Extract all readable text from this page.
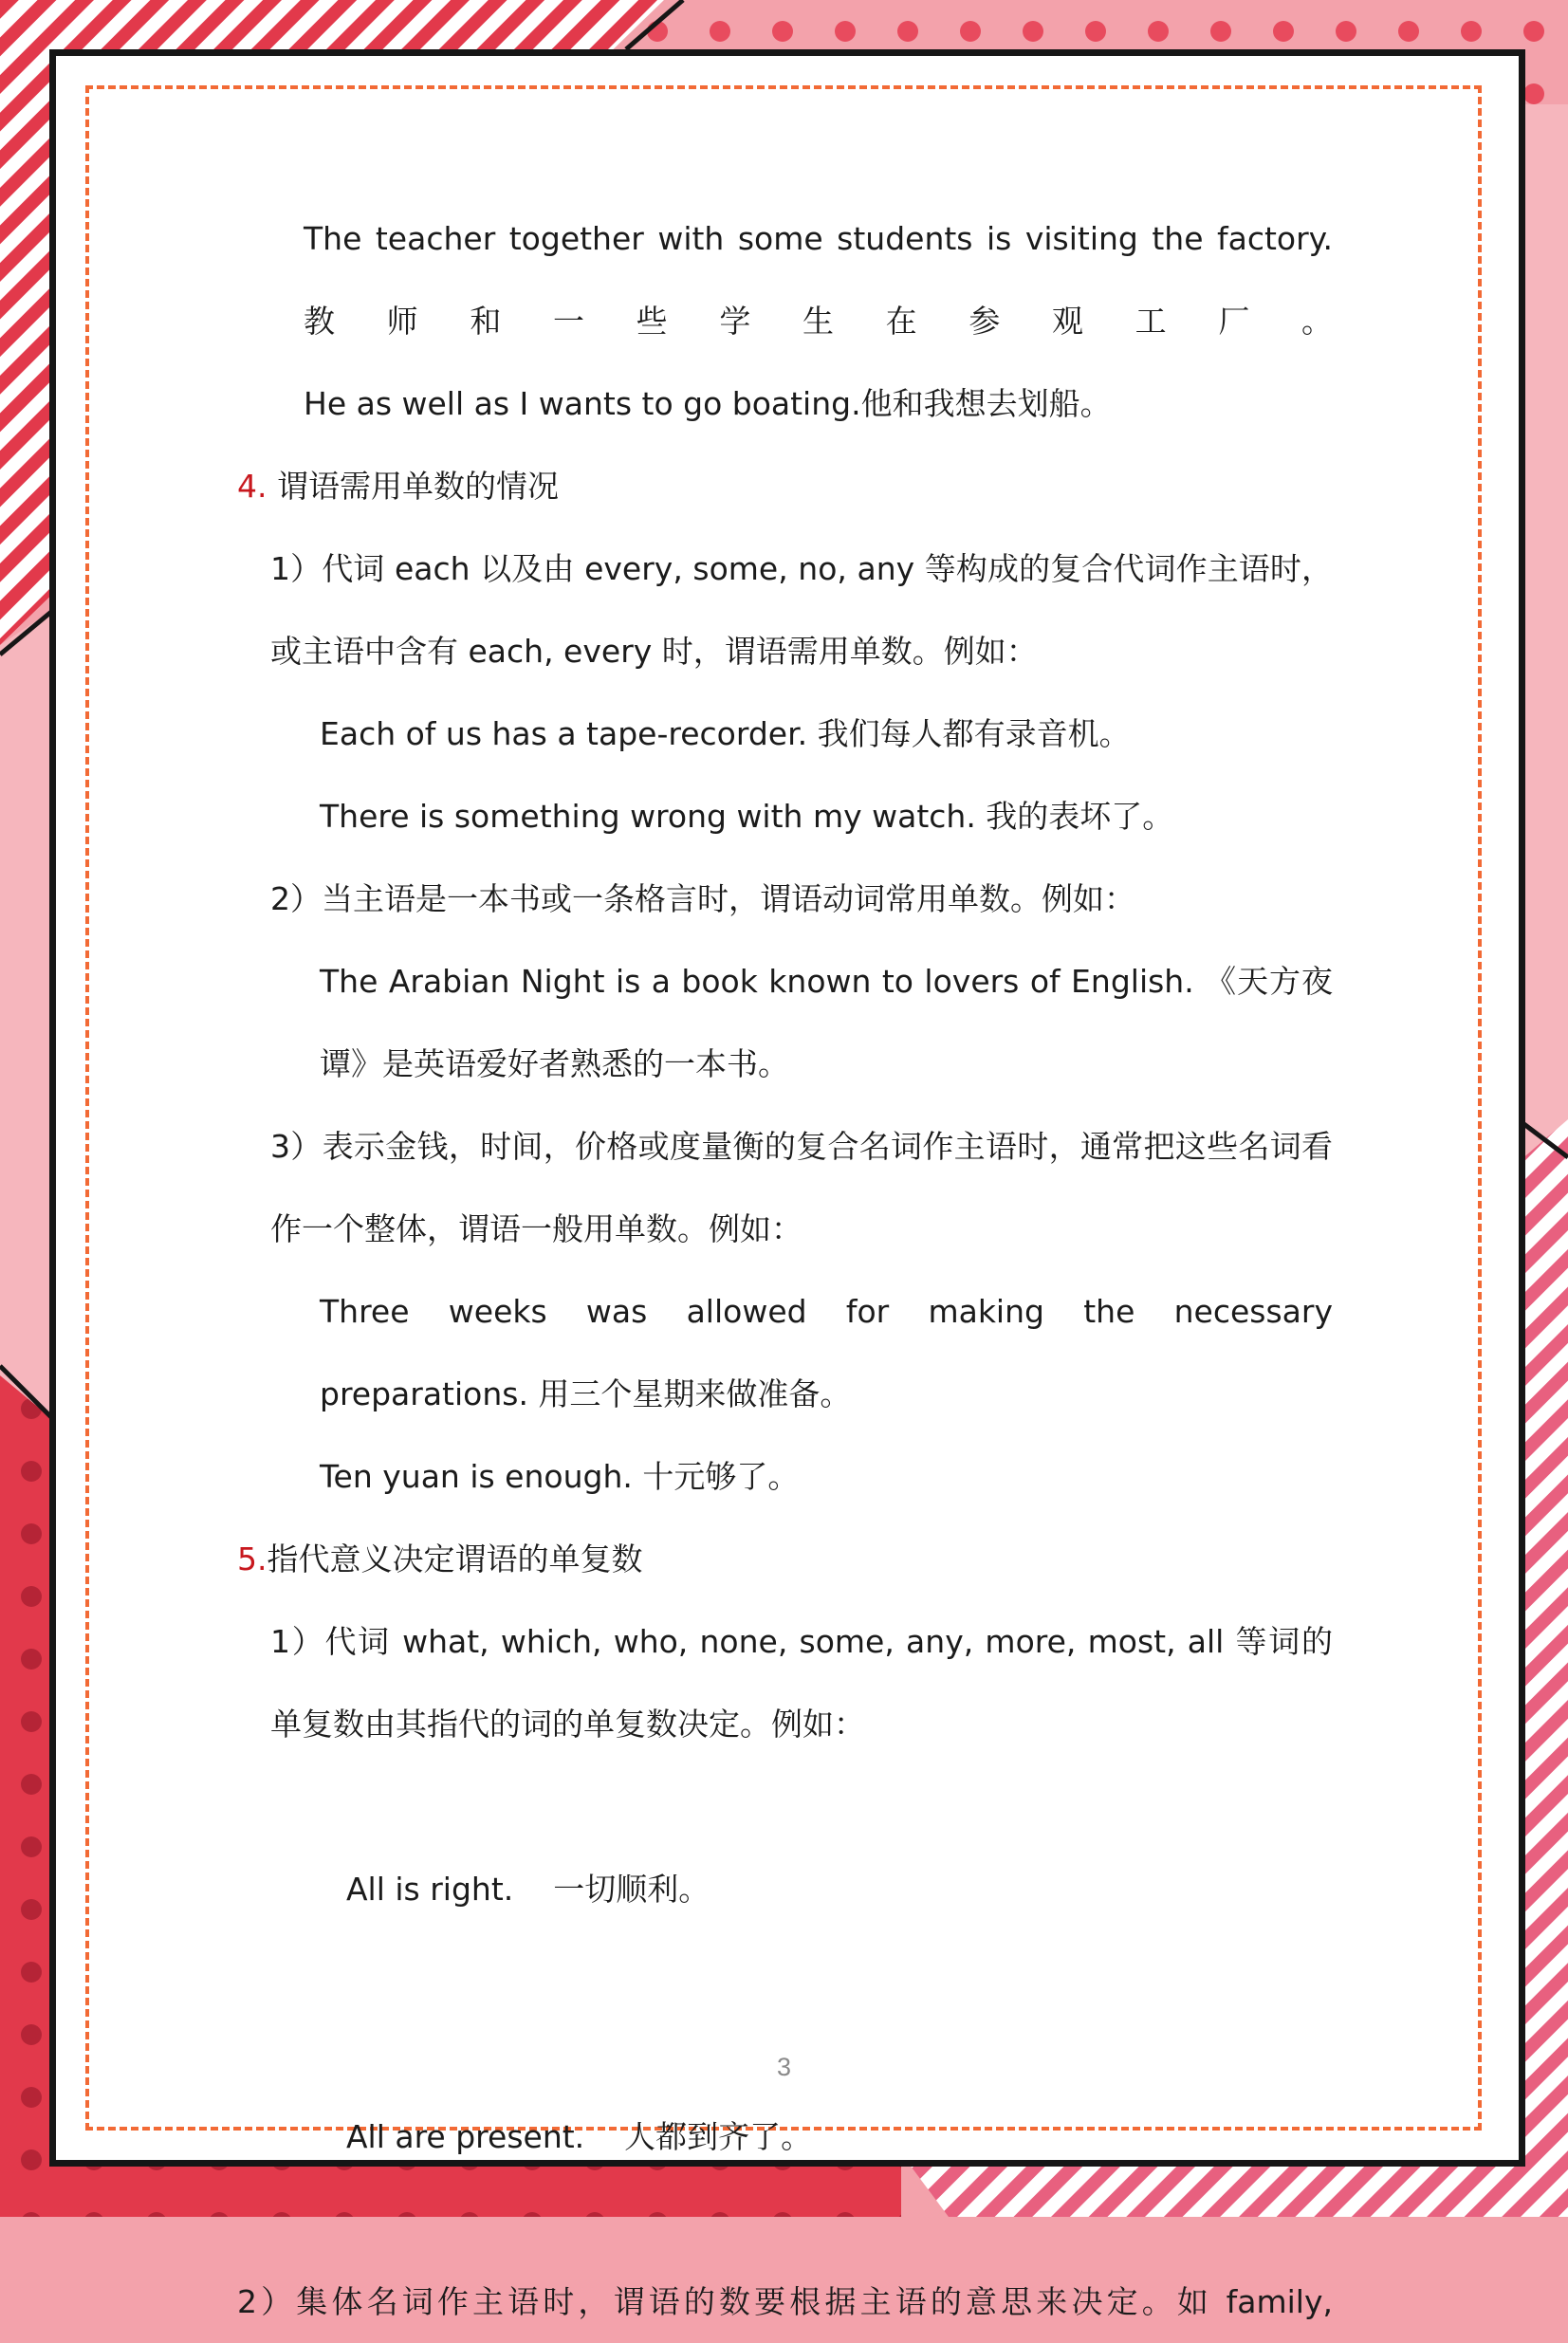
The teacher together with some students is visiting the factory. 教师和一些学生在参观工厂。
He as well as I wants to go boating.他和我想去划船。
4. 谓语需用单数的情况
1）代词 each 以及由 every, some, no, any 等构成的复合代词作主语时，或主语中含有 each, every 时，谓语需用单数。例如：
Each of us has a tape-recorder. 我们每人都有录音机。
There is something wrong with my watch. 我的表坏了。
2）当主语是一本书或一条格言时，谓语动词常用单数。例如：
The Arabian Night is a book known to lovers of English. 《天方夜谭》是英语爱好者熟悉的一本书。
3）表示金钱，时间，价格或度量衡的复合名词作主语时，通常把这些名词看作一个整体，谓语一般用单数。例如：
Three weeks was allowed for making the necessary preparations. 用三个星期来做准备。
Ten yuan is enough. 十元够了。
5.指代意义决定谓语的单复数
1）代词 what, which, who, none, some, any, more, most, all 等词的单复数由其指代的词的单复数决定。例如：

All is right.    一切顺利。

All are present.    人都到齐了。

2）集体名词作主语时，谓语的数要根据主语的意思来决定。如 family,
3
